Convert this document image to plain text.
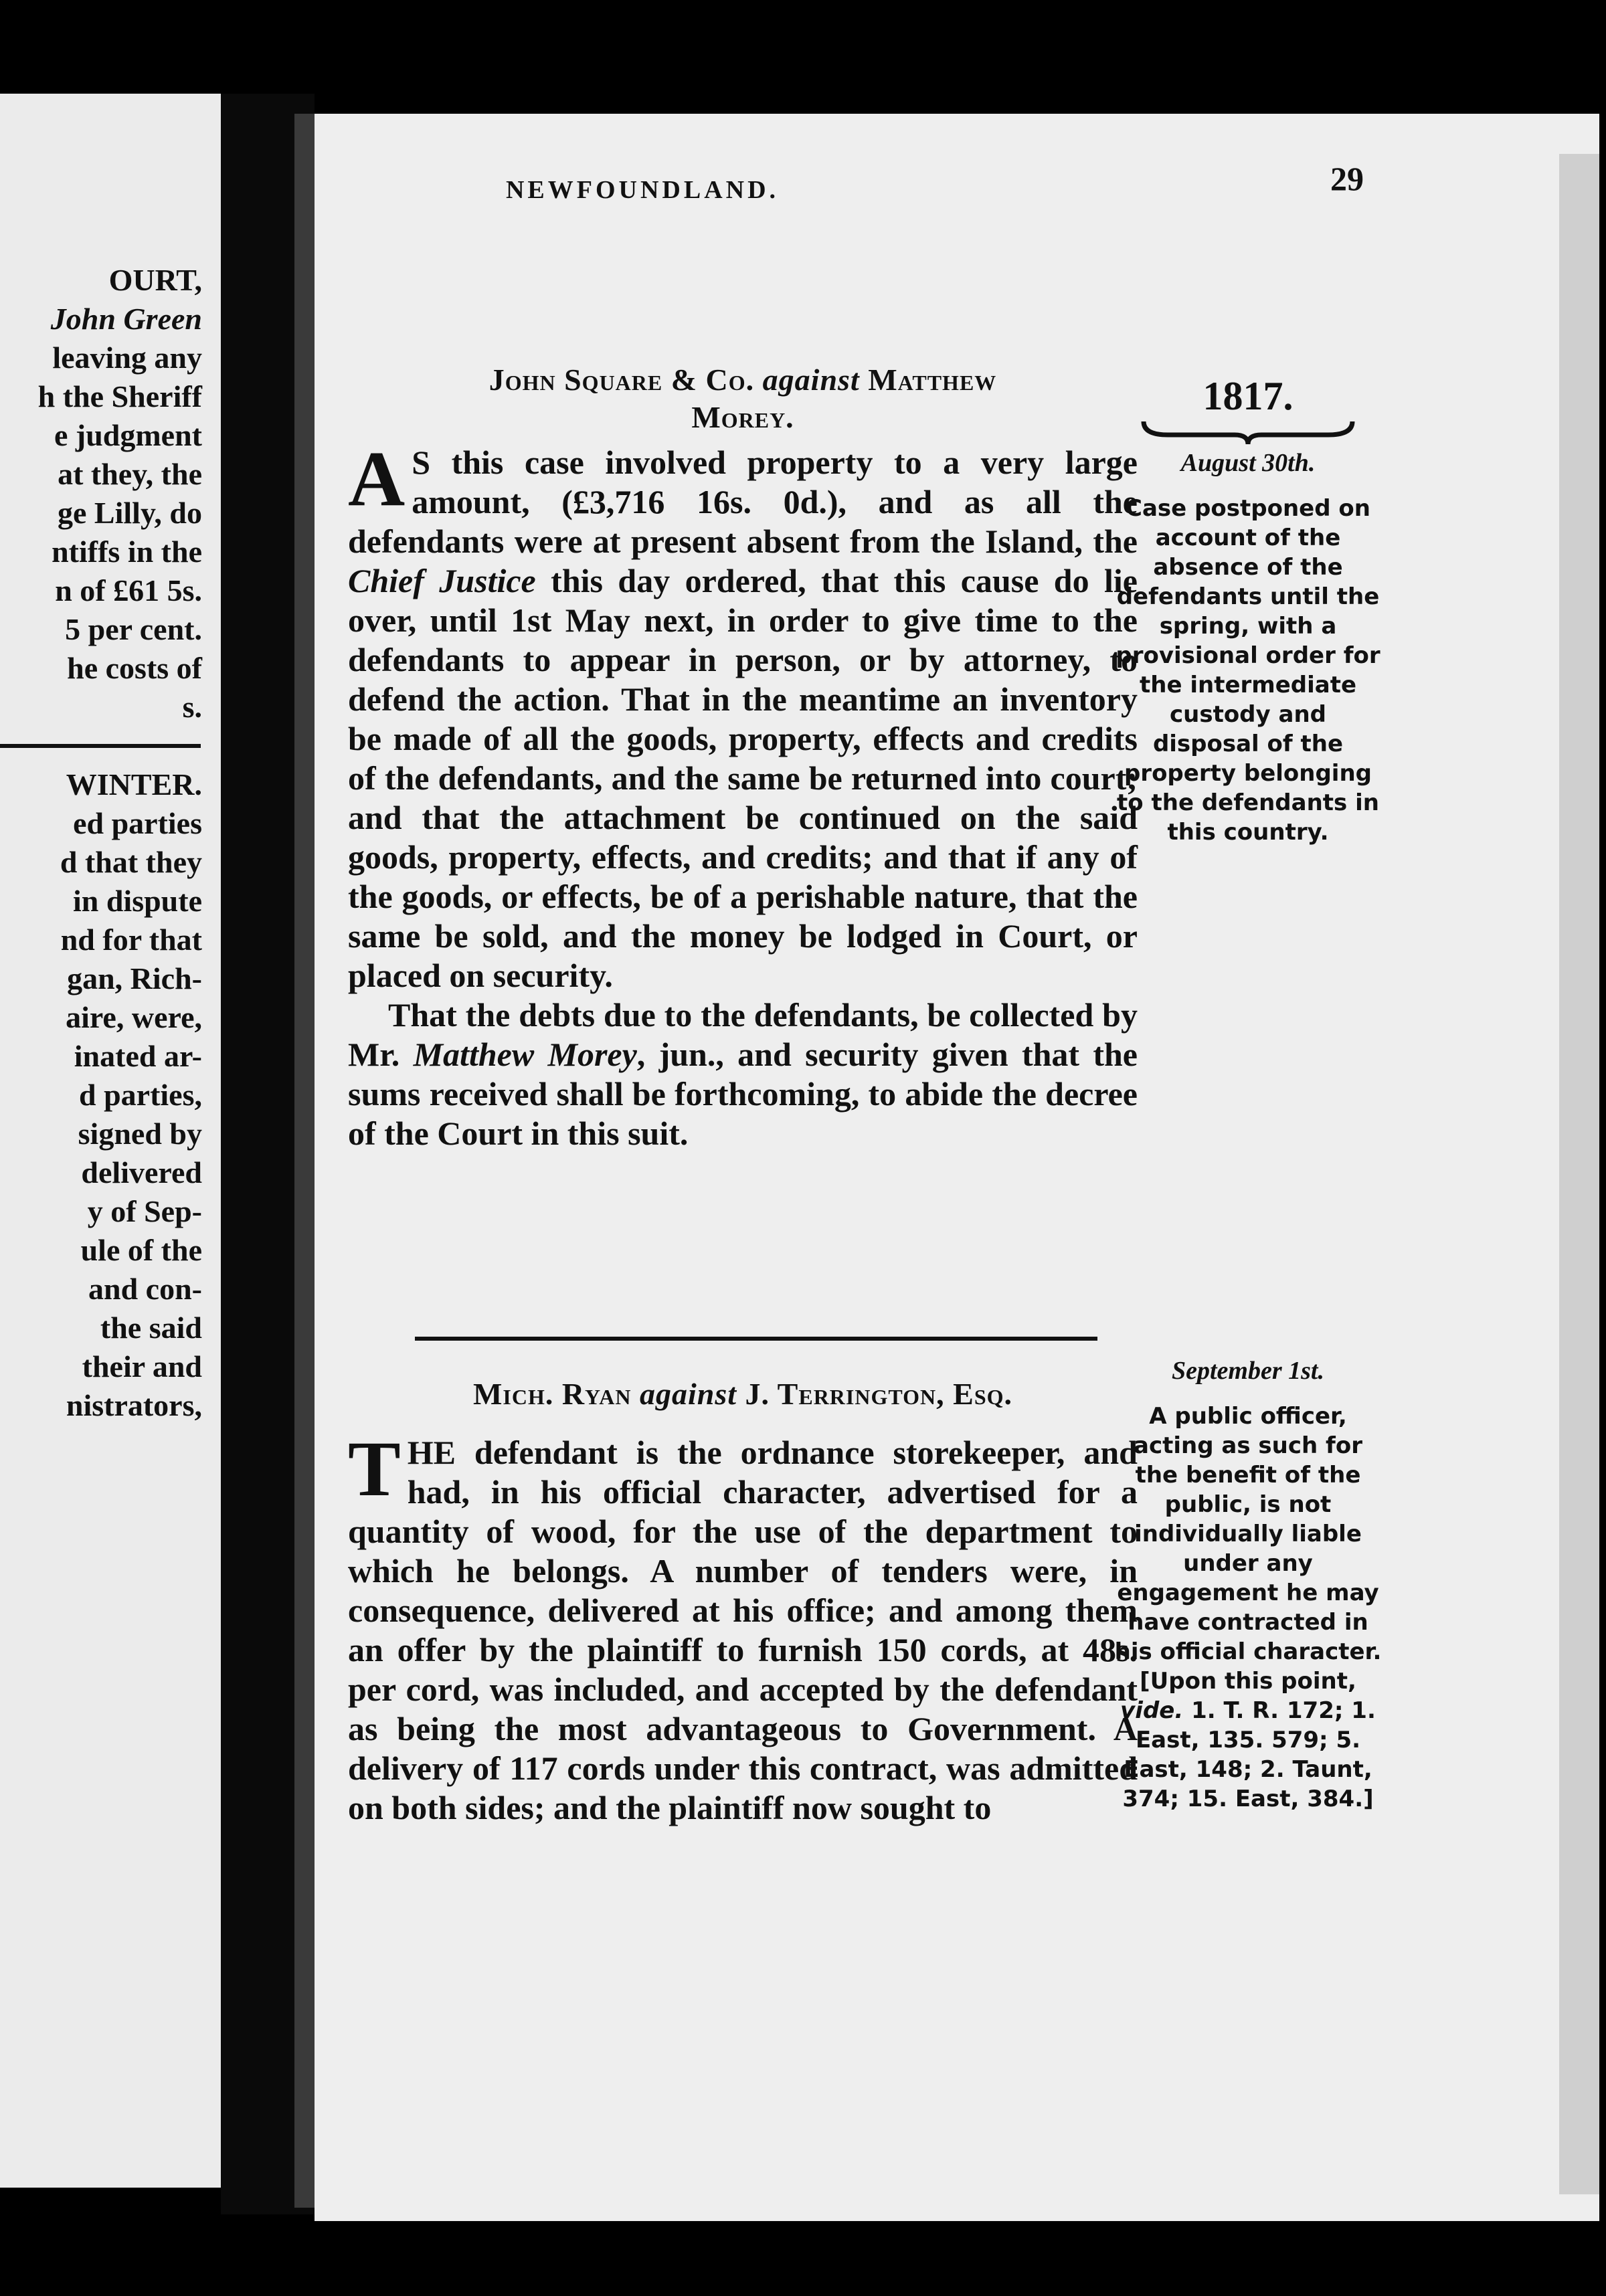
OURT,
John Green
leaving any
h the Sheriff
e judgment
at they, the
ge Lilly, do
ntiffs in the
n of £61 5s.
5 per cent.
he costs of
s.
WINTER.
ed parties
d that they
in dispute
nd for that
gan, Rich-
aire, were,
inated ar-
d parties,
signed by
delivered
y of Sep-
ule of the
and con-
the said
their and
nistrators,
NEWFOUNDLAND.	29
John Square & Co. against Matthew
Morey.
A S this case involved property to a very large amount, (£3,716 16s. 0d.), and as all the defendants were at present absent from the Island, the Chief Justice this day ordered, that this cause do lie over, until 1st May next, in order to give time to the defendants to appear in person, or by attorney, to defend the action. That in the meantime an inventory be made of all the goods, property, effects and credits of the defendants, and the same be returned into court; and that the attachment be continued on the said goods, property, effects, and credits; and that if any of the goods, or effects, be of a perishable nature, that the same be sold, and the money be lodged in Court, or placed on security.
That the debts due to the defendants, be collected by Mr. Matthew Morey, jun., and security given that the sums received shall be forthcoming, to abide the decree of the Court in this suit.
Mich. Ryan against J. Terrington, Esq.
THE defendant is the ordnance storekeeper, and had, in his official character, advertised for a quantity of wood, for the use of the department to which he belongs. A number of tenders were, in consequence, delivered at his office; and among them an offer by the plaintiff to furnish 150 cords, at 48s. per cord, was included, and accepted by the defendant as being the most advantageous to Government. A delivery of 117 cords under this contract, was admitted on both sides; and the plaintiff now sought to
1817.
August 30th.
Case postponed on account of the absence of the defendants until the spring, with a provisional order for the intermediate custody and disposal of the property belonging to the defendants in this country.
September 1st.
A public officer, acting as such for the benefit of the public, is not individually liable under any engagement he may have contracted in his official character. [Upon this point, vide. 1. T. R. 172; 1. East, 135. 579; 5. East, 148; 2. Taunt, 374; 15. East, 384.]
